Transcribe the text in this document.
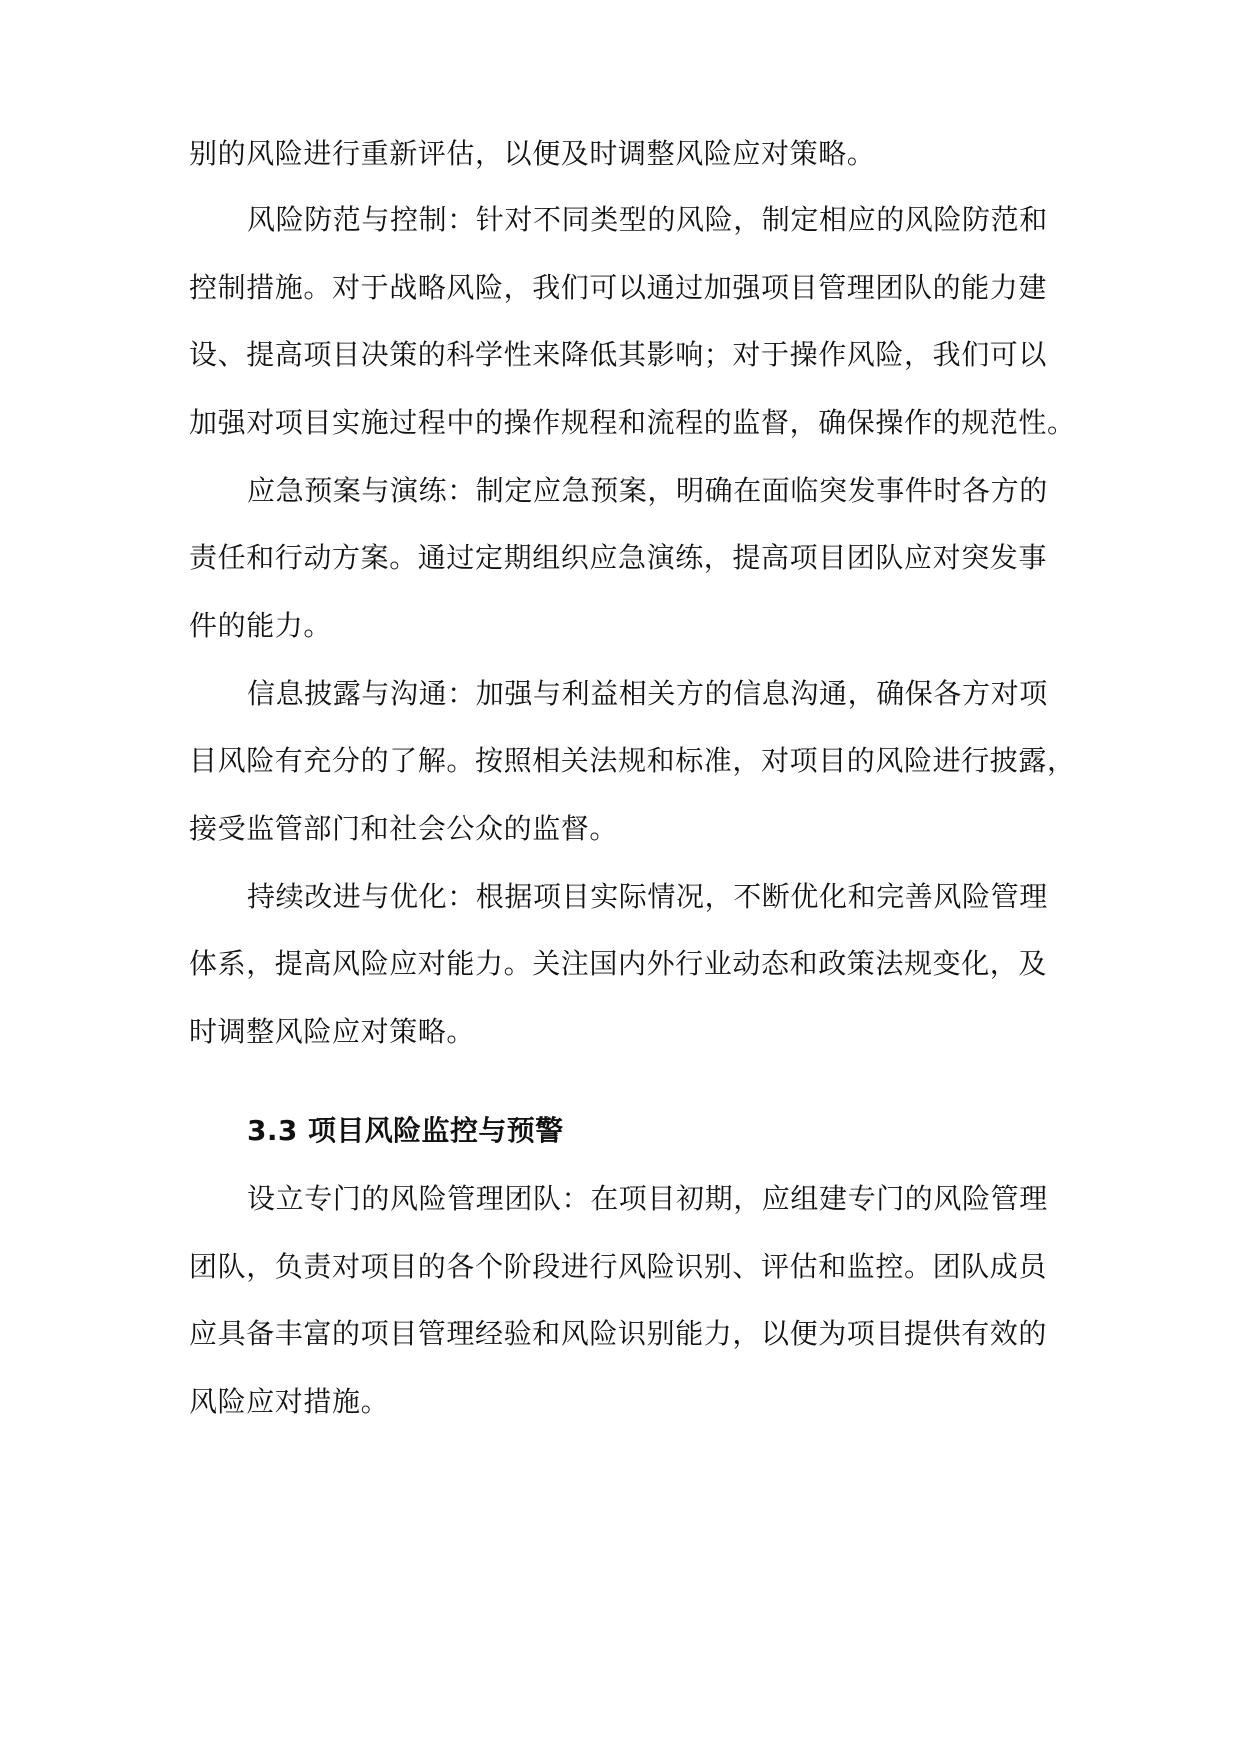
别的风险进行重新评估，以便及时调整风险应对策略。
风险防范与控制：针对不同类型的风险，制定相应的风险防范和
控制措施。对于战略风险，我们可以通过加强项目管理团队的能力建
设、提高项目决策的科学性来降低其影响；对于操作风险，我们可以
加强对项目实施过程中的操作规程和流程的监督，确保操作的规范性。
应急预案与演练：制定应急预案，明确在面临突发事件时各方的
责任和行动方案。通过定期组织应急演练，提高项目团队应对突发事
件的能力。
信息披露与沟通：加强与利益相关方的信息沟通，确保各方对项
目风险有充分的了解。按照相关法规和标准，对项目的风险进行披露，
接受监管部门和社会公众的监督。
持续改进与优化：根据项目实际情况，不断优化和完善风险管理
体系，提高风险应对能力。关注国内外行业动态和政策法规变化，及
时调整风险应对策略。
3.3 项目风险监控与预警
设立专门的风险管理团队：在项目初期，应组建专门的风险管理
团队，负责对项目的各个阶段进行风险识别、评估和监控。团队成员
应具备丰富的项目管理经验和风险识别能力，以便为项目提供有效的
风险应对措施。
